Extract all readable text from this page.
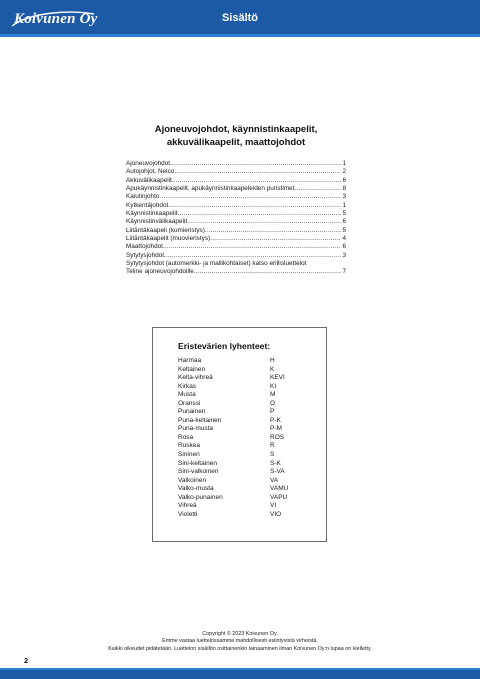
Koivunen Oy	Sisältö
Ajoneuvojohdot, käynnistinkaapelit,
akkuvälikaapelit, maattojohdot
Ajoneuvojohdot .....	1
Autojohjot, Nelco .....	2
Akkuvälikaapelit .....	6
Apukäynnistinkaapelit, apukäynnistinkaapeleiden puristimet .....	8
Kaiutinjohto .....	3
Kytkentäjohdot .....	1
Käynnistinkaapelit .....	5
Käynnistinvälikaapelit .....	6
Liitäntäkaapeli (kumieristys) .....	5
Liitäntäkaapelit (muovieristys) .....	4
Maattojohdot .....	6
Sytytysjohdot .....	3
Sytytysjohdot (automerkki- ja mallikohtaiset) katso erillisluettelot
Teline ajoneuvojohdoille .....	7
Eristevärien lyhenteet:
Harmaa	H
Keltainen	K
Kelta-vihreä	KEVI
Kirkas	KI
Musta	M
Oranssi	O
Punainen	P
Puna-keltainen	P-K
Puna-musta	P-M
Rosa	ROS
Ruskea	R
Sininen	S
Sini-keltainen	S-K
Sini-valkoinen	S-VA
Valkoinen	VA
Valko-musta	VAMU
Valko-punainen	VAPU
Vihreä	VI
Violetti	VIO
Copyright © 2023 Koivunen Oy.
Emme vastaa luettelossamme mahdollisesti esiintyvistä virheistä.
Kaikki oikeudet pidätetään. Luettelon sisällön osittainenkin lainaaminen ilman Koivunen Oy:n lupaa on kielletty.
2
